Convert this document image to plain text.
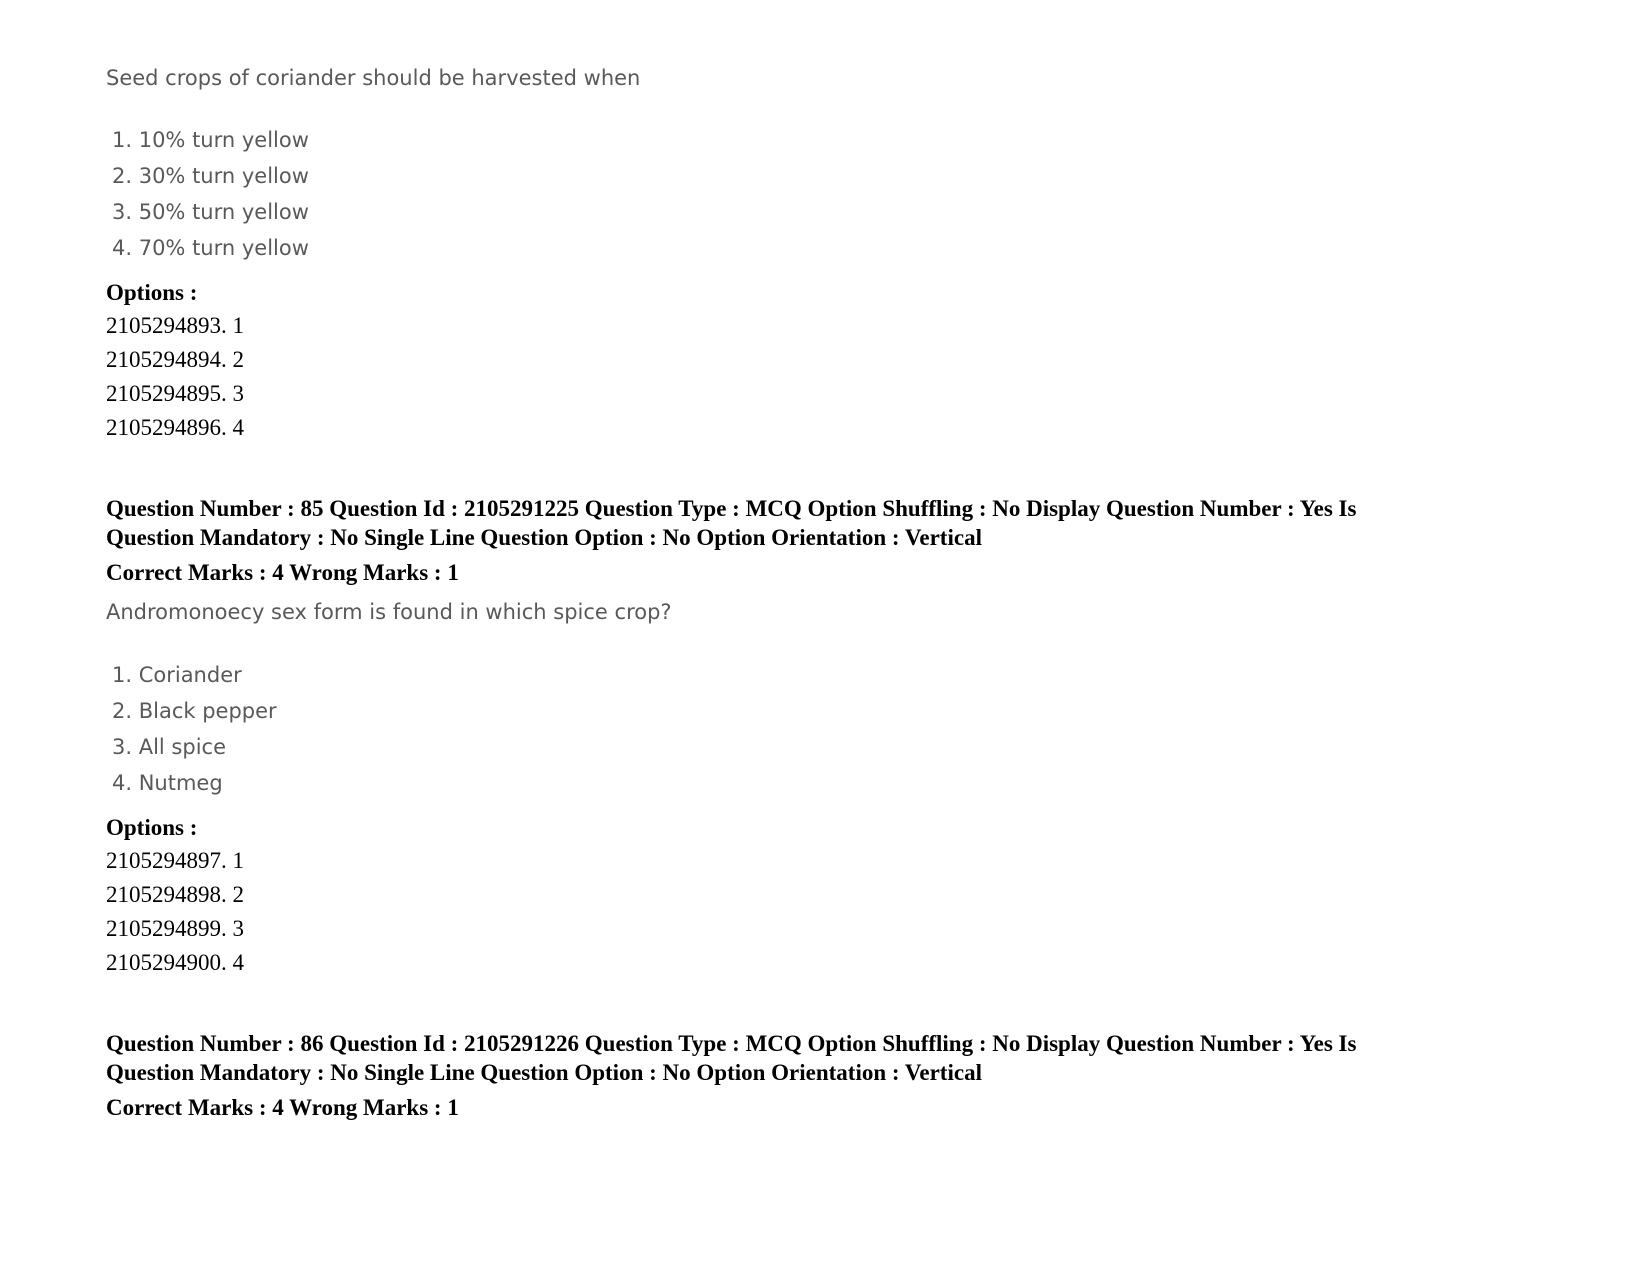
Seed crops of coriander should be harvested when
1. 10% turn yellow
2. 30% turn yellow
3. 50% turn yellow
4. 70% turn yellow
Options :
2105294893. 1
2105294894. 2
2105294895. 3
2105294896. 4
Question Number : 85 Question Id : 2105291225 Question Type : MCQ Option Shuffling : No Display Question Number : Yes Is
Question Mandatory : No Single Line Question Option : No Option Orientation : Vertical
Correct Marks : 4 Wrong Marks : 1
Andromonoecy sex form is found in which spice crop?
1. Coriander
2. Black pepper
3. All spice
4. Nutmeg
Options :
2105294897. 1
2105294898. 2
2105294899. 3
2105294900. 4
Question Number : 86 Question Id : 2105291226 Question Type : MCQ Option Shuffling : No Display Question Number : Yes Is
Question Mandatory : No Single Line Question Option : No Option Orientation : Vertical
Correct Marks : 4 Wrong Marks : 1
